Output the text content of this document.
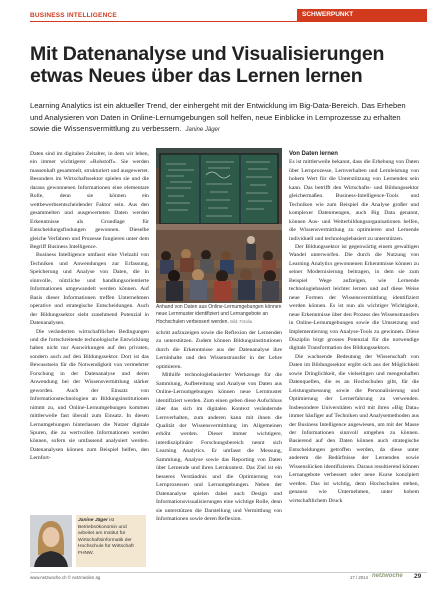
BUSINESS INTELLIGENCE	SCHWERPUNKT
Mit Datenanalyse und Visualisierungen etwas Neues über das Lernen lernen
Learning Analytics ist ein aktueller Trend, der einhergeht mit der Entwicklung im Big-Data-Bereich. Das Erheben und Analysieren von Daten in Online-Lernumgebungen soll helfen, neue Einblicke in Lernprozesse zu erhalten sowie die Wissensvermittlung zu verbessern. Janine Jäger

Daten sind im digitalen Zeitalter, in dem wir leben, ein immer wichtigerer »Rohstoff«. Sie werden massenhaft gesammelt, strukturiert und ausgewertet. Besonders im Wirtschaftssektor spielen sie und die daraus gewonnenen Informationen eine elementare Rolle, denn sie können ein wettbewerbsentscheidender Faktor sein. Aus den gesammelten und ausgewerteten Daten werden Erkenntnisse als Grundlage für Entscheidungsfindungen gewonnen. Dieselbe gleiche Verfahren und Prozesse fungieren unter dem Begriff Business Intelligence.

Business Intelligence umfasst eine Vielzahl von Techniken und Anwendungen zur Erfassung, Speicherung und Analyse von Daten, die in sinnvolle, nützliche und handlungsorientierte Informationen umgewandelt werden können. Auf Basis dieser Informationen treffen Unternehmen operative und strategische Entscheidungen. Auch der Bildungssektor sieht zunehmend Potenzial in Datenanalysen.

Die veränderten wirtschaftlichen Bedingungen und die fortschreitende technologische Entwicklung haben nicht nur Auswirkungen auf den privaten, sondern auch auf den Bildungssektor. Dort ist das Bewusstsein für die Notwendigkeit von vermehrter Forschung in der Datenanalyse und deren Anwendung bei der Wissensvermittlung stärker geworden. Auch der Einsatz von Informationstechnologien an Bildungsinstitutionen nimmt zu, und Online-Lernumgebungen kommen mittlerweile fast überall zum Einsatz. In diesen Lernumgebungen hinterlassen die Nutzer digitale Spuren, die zu wertvollen Informationen werden können, sofern sie umfassend analysiert werden. Datenanalysen können zum Beispiel helfen, den Lernfort-

Anhand von Daten aus Online-Lernumgebungen können neue Lernmuster identifiziert und Lernangebote an Hochschulen verbessert werden. Bild: Fotolia

schritt aufzuzeigen sowie die Reflexion der Lernenden zu unterstützen. Zudem können Bildungsinstitutionen durch die Erkenntnisse aus der Datenanalyse ihre Lerninhalte und den Wissenstransfer in der Lehre optimieren.

Mithilfe technologiebasierter Werkzeuge für die Sammlung, Aufbereitung und Analyse von Daten aus Online-Lernumgebungen können neue Lernmuster identifiziert werden. Zum einen geben diese Aufschluss über das sich im digitalen Kontext verändernde Lernverhalten, zum anderen kann mit ihnen die Qualität der Wissensvermittlung im Allgemeinen erhöht werden. Dieser immer wichtigere, interdisziplinäre Forschungsbereich nennt sich Learning Analytics. Er umfasst die Messung, Sammlung, Analyse sowie das Reporting von Daten über Lernende und ihren Lernkontext. Das Ziel ist ein besseres Verständnis und die Optimierung von Lernprozessen und Lernumgebungen. Neben der Datenanalyse spielen dabei auch Design und Informationsvisualisierungen eine wichtige Rolle, denn sie unterstützen die Darstellung und Vermittlung von Informationen sowie deren Reflexion.

Von Daten lernen

Es ist mittlerweile bekannt, dass die Erhebung von Daten über Lernprozesse, Lernverhalten und Lernleistung von hohem Wert für die Unterstützung von Lernenden sein kann. Das betrifft den Wirtschafts- und Bildungssektor gleichermaßen. Business-Intelligence-Tools und Techniken wie zum Beispiel die Analyse großer und komplexer Datenmengen, auch Big Data genannt, können Aus- und Weiterbildungsorganisationen helfen, die Wissensvermittlung zu optimieren und Lernende individuell und technologiebasiert zu unterstützen.

Der Bildungssektor ist gegenwärtig einem gewaltigen Wandel unterworfen. Die durch die Nutzung von Learning Analytics gewonnenen Erkenntnisse können zu seiner Modernisierung beitragen, in dem sie zum Beispiel Wege aufzeigen, wie Lernende technologiebasiert leichter lernen und auf diese Weise neue Formen der Wissensvermittlung identifiziert werden können. Es ist nun als wichtiger Wichtigkeit, neue Erkenntnisse über den Prozess des Wissenstransfers in Online-Lernumgebungen sowie die Umsetzung und Implementierung von Analyse-Tools zu gewinnen. Diese Disziplin birgt grosses Potenzial für die notwendige digitale Transformation des Bildungssektors.

Die wachsende Bedeutung der Wissenschaft von Daten im Bildungssektor ergibt sich aus der Möglichkeit sowie Dringlichkeit, die vielseitigen und mengenhaften Datenquellen, die es an Hochschulen gibt, für die Leistungsmessung sowie die Personalisierung und Optimierung der Lernerfahrung zu verwenden. Insbesondere Universitäten wird mit ihren »Big Data« immer häufiger auf Techniken und Analysemethoden aus der Business Intelligence angewiesen, um mit der Masse der Informationen sinnvoll umgehen zu können. Basierend auf den Daten können auch strategische Entscheidungen getroffen werden, da diese unter anderem die Bedürfnisse der Lernenden sowie Wissenslücken identifizieren. Daraus resultierend können Lernangebote verbessert oder neue Kurse konzipiert werden. Das ist wichtig, denn Hochschulen stehen, genauso wie Unternehmen, unter hohem wirtschaftlichem Druck

Janine Jäger ist Betriebsökonomin und arbeitet am Institut für Wirtschaftsinformatik der Hochschule für Wirtschaft FHNW.
www.netzwoche.ch © netzmedien ag	17 / 2014 netzwoche 29
